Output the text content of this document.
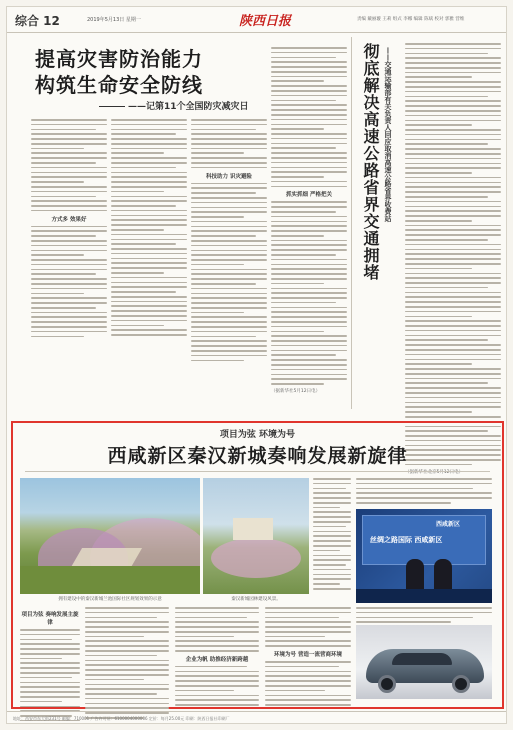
综合 12	2019年5月13日 星期一	陕西日报	责编 戴丽璇 王莉 组式 李娜 编辑 陈斌 校对 郭雅 营维
提高灾害防治能力
构筑生命安全防线
——记第11个全国防灾减灾日
方式多 效果好
科技助力 识灾避险
抓实抓细 严格把关
（据新华社5月12日电）
彻底解决高速公路省界交通拥堵 ——交通运输部有关负责人回应取消高速公路省界收费站
（据新华社北京5月12日电）
项目为弦 环境为号
西咸新区秦汉新城奏响发展新旋律
拥有建设中的秦汉新城兰池国际社区规划效果的示意	秦汉新城园林建设风景。
西咸新区
丝绸之路国际 西咸新区
项目为弦 奏响发展主旋律
企业为帆 助推经济新跨越
环境为号 营造一流营商环境
地址：西安市东大街231号 邮编：710001 广告许可证：6100004000006 定价：每月25.00元 印刷：陕西日报社印刷厂
